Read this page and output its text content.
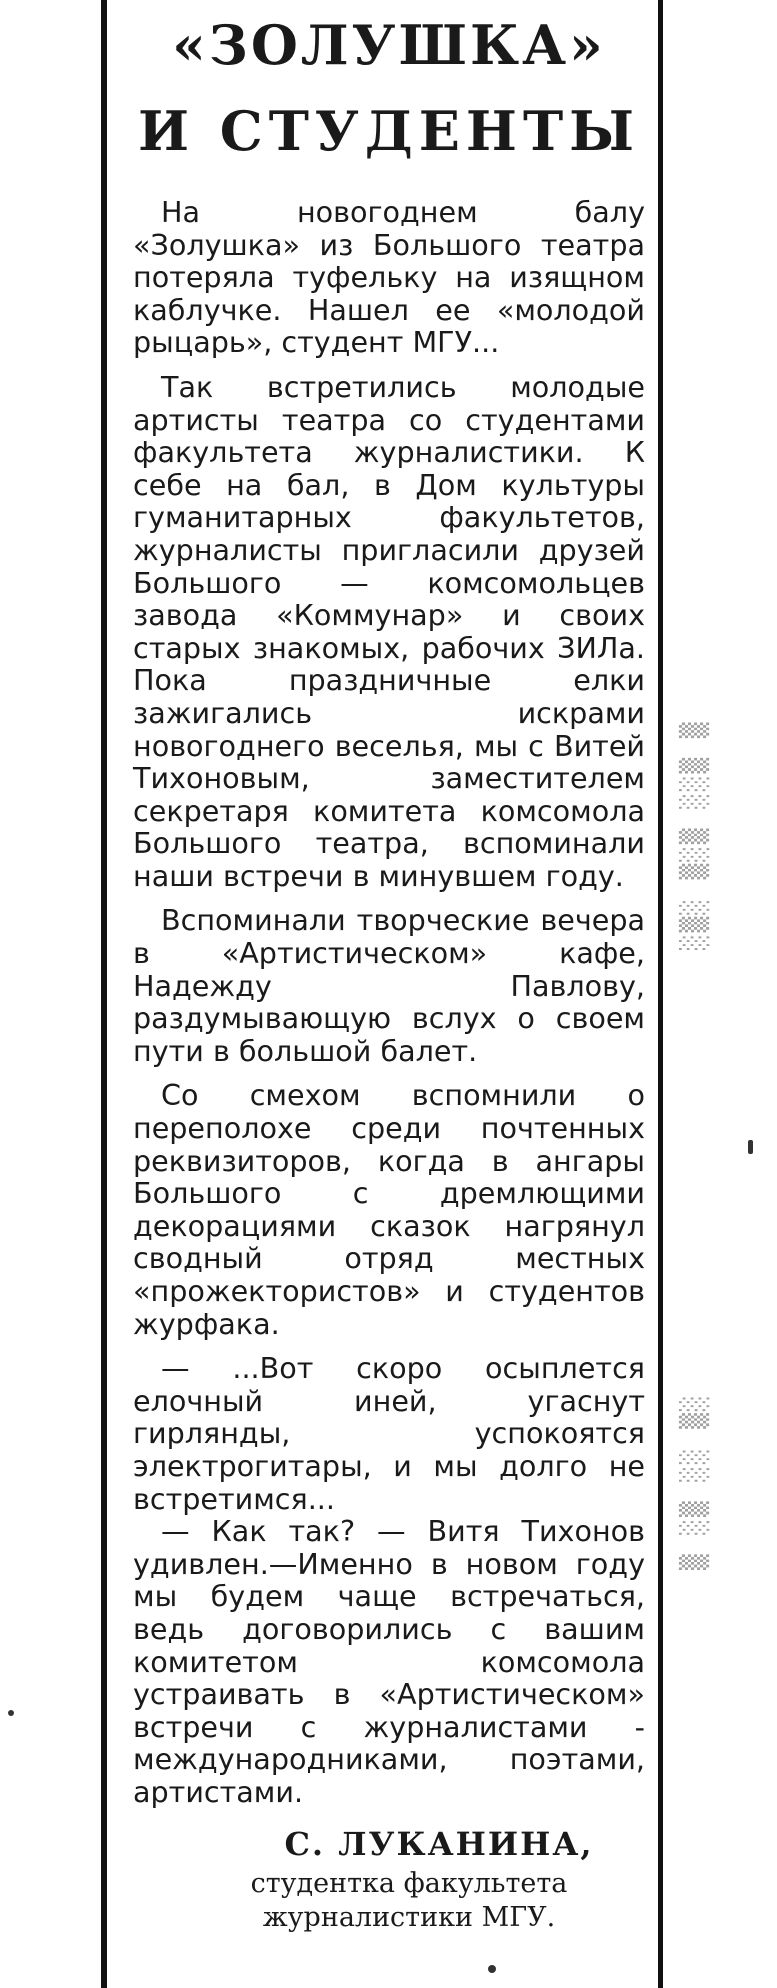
«ЗОЛУШКА»
И СТУДЕНТЫ

На новогоднем балу «Золушка» из Большого театра потеряла туфельку на изящном каблучке. Нашел ее «молодой рыцарь», студент МГУ...

Так встретились молодые артисты театра со студентами факультета журналистики. К себе на бал, в Дом культуры гуманитарных факультетов, журналисты пригласили друзей Большого — комсомольцев завода «Коммунар» и своих старых знакомых, рабочих ЗИЛа. Пока праздничные елки зажигались искрами новогоднего веселья, мы с Витей Тихоновым, заместителем секретаря комитета комсомола Большого театра, вспоминали наши встречи в минувшем году.

Вспоминали творческие вечера в «Артистическом» кафе, Надежду Павлову, раздумывающую вслух о своем пути в большой балет.

Со смехом вспомнили о переполохе среди почтенных реквизиторов, когда в ангары Большого с дремлющими декорациями сказок нагрянул сводный отряд местных «прожектористов» и студентов журфака.

— ...Вот скоро осыплется елочный иней, угаснут гирлянды, успокоятся электрогитары, и мы долго не встретимся...

— Как так? — Витя Тихонов удивлен.—Именно в новом году мы будем чаще встречаться, ведь договорились с вашим комитетом комсомола устраивать в «Артистическом» встречи с журналистами - международниками, поэтами, артистами.

С. ЛУКАНИНА,
студентка факультета
журналистики МГУ.
░▒░ ▒░▒ ░░▒ ▒
▒ ░▒ ░░ ▒░
